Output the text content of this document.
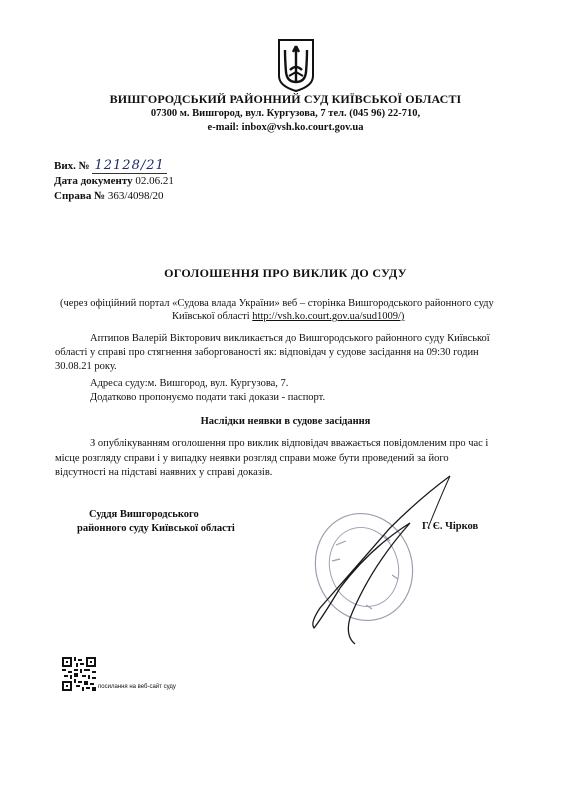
ВИШГОРОДСЬКИЙ РАЙОННИЙ СУД КИЇВСЬКОЇ ОБЛАСТІ
07300 м. Вишгород, вул. Кургузова, 7 тел. (045 96) 22-710,
e-mail: inbox@vsh.ko.court.gov.ua
Вих. № 12128/21
Дата документу 02.06.21
Справа № 363/4098/20
ОГОЛОШЕННЯ ПРО ВИКЛИК ДО СУДУ
(через офіційний портал «Судова влада України» веб – сторінка Вишгородського районного суду
Київської області http://vsh.ko.court.gov.ua/sud1009/)
Аптипов Валерій Вікторович викликається до Вишгородського районного суду Київської
області у справі про стягнення заборгованості як: відповідач у судове засідання на 09:30 годин
30.08.21 року.
Адреса суду:м. Вишгород, вул. Кургузова, 7.
Додатково пропонуємо подати такі докази - паспорт.
Наслідки неявки в судове засідання
З опублікуванням оголошення про виклик відповідач вважається повідомленим про час і
місце розгляду справи і у випадку неявки розгляд справи може бути проведений за його
відсутності на підставі наявних у справі доказів.
Суддя Вишгородського
районного суду Київської області	Г. Є. Чірков
посилання на веб-сайт суду
